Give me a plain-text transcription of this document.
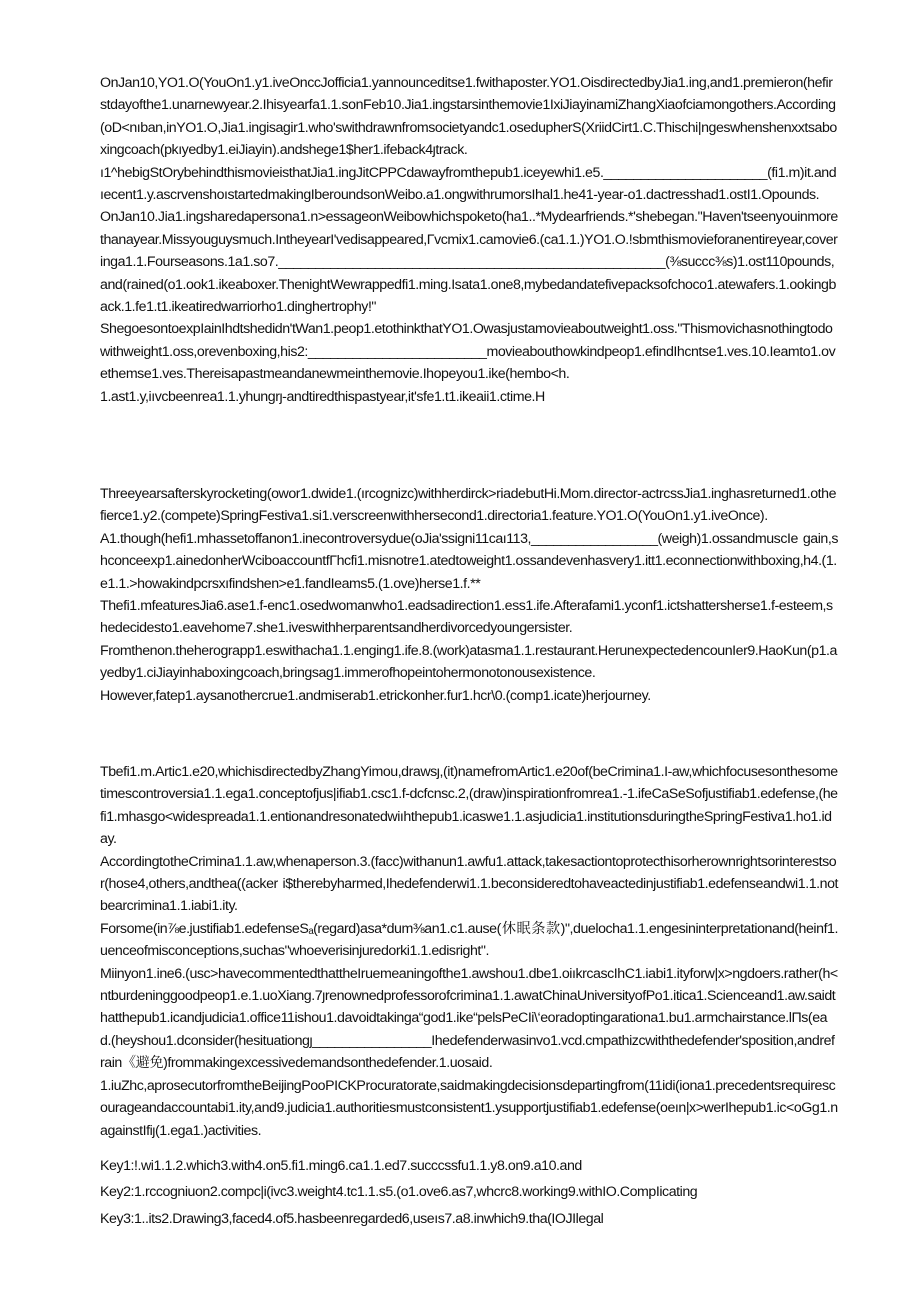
OnJan10,YO1.O(YouOn1.y1.iveOnccJofficia1.yannounceditse1.fwithaposter.YO1.OisdirectedbyJia1.ing,and1.premieron(hefirstdayofthe1.unarnewyear.2.Ihisyearfa1.1.sonFeb10.Jia1.ingstarsinthemovie1IxiJiayinamiZhangXiaofciamongothers.According(oD<nıban,inYO1.O,Jia1.ingisagir1.who'swithdrawnfromsocietyandc1.osedupherS(XriidCirt1.C.Thischi|ngeswhenshenxxtsaboxingcoach(pkıyedby1.eiJiayin).andshege1$her1.ifeback4ȷtrack.

ı1^hebigStOrybehindthismovieisthatJia1.ingJitCPPCdawayfromthepub1.iceyewhi1.e5.______________________(fi1.m)it.andıecent1.y.ascrvenshoıstartedmakingIberoundsonWeibo.a1.ongwithrumorsIhal1.he41-year-o1.dactresshad1.ostI1.Opounds.

OnJan10.Jia1.ingsharedapersona1.n>essageonWeibowhichspoketo(ha1..*Mydearfriends.*'shebegan."Haven'tseenyouinmorethanayear.Missyouguysmuch.IntheyearI'vedisappeared,Γvcmix1.camovie6.(ca1.1.)YO1.O.!sbmthismovieforanentireyear,coveringa1.1.Fourseasons.1a1.so7.____________________________________________________(⅜succc⅜s)1.ost110pounds,and(rained(o1.ook1.ikeaboxer.ThenightWewrappedfi1.ming.Isata1.one8,mybedandatefivepacksofchoco1.atewafers.1.ookingback.1.fe1.t1.ikeatiredwarriorho1.dinghertrophy!"

ShegoesontoexpIainIhdtshedidn'tWan1.peop1.etothinkthatYO1.Owasjustamovieaboutweight1.oss."Thismovichasnothingtodowithweight1.oss,orevenboxing,his2:________________________movieabouthowkindpeop1.efindIhcntse1.ves.10.Ieamto1.ovethemse1.ves.Thereisapastmeandanewmeinthemovie.Ihopeyou1.ike(hembo<h.

1.ast1.y,iıvcbeenrea1.1.yhungrȷ-andtiredthispastyear,it'sfe1.t1.ikeaii1.ctime.H

Threeyearsafterskyrocketing(owor1.dwide1.(ırcognizc)withherdirck>riadebutHi.Mom.director-actrcssJia1.inghasreturned1.othefierce1.y2.(compete)SpringFestiva1.si1.verscreenwithhersecond1.directoria1.feature.YO1.O(YouOn1.y1.iveOnce).

A1.though(hefi1.mhassetoffanon1.inecontroversydue(oJia'ssigni11caı113,_________________(weigh)1.ossandmuscIe gain,shconceexp1.ainedonherWciboaccountfΓhcfi1.misnotre1.atedtoweight1.ossandevenhasvery1.itt1.econnectionwithboxing,h4.(1.e1.1.>howakindpcrsxıfindshen>e1.fandIeams5.(1.ove)herse1.f.**

Thefi1.mfeaturesJia6.ase1.f-enc1.osedwomanwho1.eadsadirection1.ess1.ife.Afterafami1.yconf1.ictshattersherse1.f-esteem,shedecidesto1.eavehome7.she1.iveswithherparentsandherdivorcedyoungersister.

Fromthenon.theherograpp1.eswithacha1.1.enging1.ife.8.(work)atasma1.1.restaurant.HerunexpectedencounIer9.HaoKun(p1.ayedby1.ciJiayinhaboxingcoach,bringsag1.immerofhopeintohermonotonousexistence.

However,fatep1.aysanothercrue1.andmiserab1.etrickonher.fur1.hcr\0.(comp1.icate)herjourney.

Tbefi1.m.Artic1.e20,whichisdirectedbyZhangYimou,drawsȷ,(it)namefromArtic1.e20of(beCrimina1.I-aw,whichfocusesonthesometimescontroversia1.1.ega1.conceptofjus|ifiab1.csc1.f-dcfcnsc.2,(draw)inspirationfromrea1.-1.ifeCaSeSofjustifiab1.edefense,(hefi1.mhasgo<widespreada1.1.entionandresonatedwiıhthepub1.icaswe1.1.asjudicia1.institutionsduringtheSpringFestiva1.ho1.iday.

AccordingtotheCrimina1.1.aw,whenaperson.3.(facc)withanun1.awfu1.attack,takesactiontoprotecthisorherownrightsorinterestsor(hose4,others,andthea((acker i$therebyharmed,Ihedefenderwi1.1.beconsideredtohaveactedinjustifiab1.edefenseandwi1.1.notbearcrimina1.1.iabi1.ity.

Forsome(in⅞e.justifiab1.edefenseSₐ(regard)asa*dum⅜an1.c1.ause(休眠条款)",duelocha1.1.engesininterpretationand(heinf1.uenceofmisconceptions,suchas"whoeverisinjuredorki1.1.edisright".

Miinyon1.ine6.(usc>havecommentedthattheIruemeaningofthe1.awshou1.dbe1.oiıkrcascIhC1.iabi1.ityforw|x>ngdoers.rather(h<ntburdeninggoodpeop1.e.1.uoXiang.7ȷrenownedprofessorofcrimina1.1.awatChinaUniversityofPo1.itica1.Scienceand1.aw.saidthatthepub1.icandjudicia1.office11ishou1.davoidtakinga“god1.ike“pelsPeCIi\‘eoradoptingarationa1.bu1.armchairstance.lΠs(ead.(heyshou1.dconsider(hesituationgȷ________________Ihedefenderwasinvo1.vcd.cmpathizcwiththedefender'sposition,andrefrain《避免)frommakingexcessivedemandsonthedefender.1.uosaid.

1.iuZhc,aprosecutorfromtheBeijingPooPICKProcuratorate,saidmakingdecisionsdepartingfrom(11idi(iona1.precedentsrequirescourageandaccountabi1.ity,and9.judicia1.authoritiesmustconsistent1.ysupportjustifiab1.edefense(oeın|x>werIhepub1.ic<oGg1.nagainstIfiȷ(1.ega1.)activities.

Key1:!.wi1.1.2.which3.with4.on5.fi1.ming6.ca1.1.ed7.succcssfu1.1.y8.on9.a10.and

Key2:1.rccogniuon2.compc|i(ivc3.weight4.tc1.1.s5.(o1.ove6.as7,whcrc8.working9.withIO.CompIicating

Key3:1..its2.Drawing3,faced4.of5.hasbeenregarded6,useıs7.a8.inwhich9.tha(IOJIlegal
